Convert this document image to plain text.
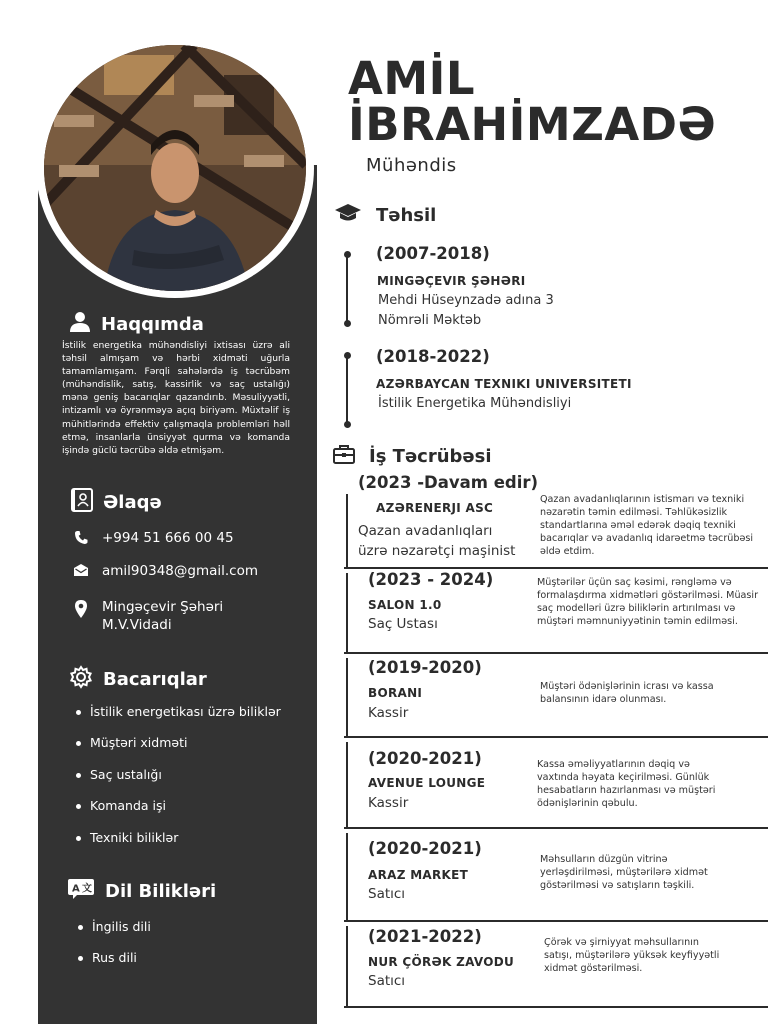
Haqqımda
İstilik energetika mühəndisliyi ixtisası üzrə ali təhsil almışam və hərbi xidməti uğurla tamamlamışam. Fərqli sahələrdə iş təcrübəm (mühəndislik, satış, kassirlik və saç ustalığı) mənə geniş bacarıqlar qazandırıb. Məsuliyyətli, intizamlı və öyrənməyə açıq biriyəm. Müxtəlif iş mühitlərində effektiv çalışmaqla problemləri həll etmə, insanlarla ünsiyyət qurma və komanda işində güclü təcrübə əldə etmişəm.
Əlaqə
+994 51 666 00 45
amil90348@gmail.com
Mingəçevir Şəhəri
M.V.Vidadi
Bacarıqlar
İstilik energetikası üzrə biliklər
Müştəri xidməti
Saç ustalığı
Komanda işi
Texniki biliklər
A 文 Dil Bilikləri
İngilis dili
Rus dili
AMİL
İBRAHİMZADƏ
Mühəndis
Təhsil
(2007-2018)
MINGƏÇEVIR ŞƏHƏRI
Mehdi Hüseynzadə adına 3
Nömrəli Məktəb
(2018-2022)
AZƏRBAYCAN TEXNIKI UNIVERSITETI
İstilik Energetika Mühəndisliyi
İş Təcrübəsi
(2023 -Davam edir)
AZƏRENERJI ASC
Qazan avadanlıqları
üzrə nəzarətçi maşinist
Qazan avadanlıqlarının istismarı və texniki nəzarətin təmin edilməsi. Təhlükəsizlik standartlarına əməl edərək dəqiq texniki bacarıqlar və avadanlıq idarəetmə təcrübəsi əldə etdim.
(2023 - 2024)
SALON 1.0
Saç Ustası
Müştərilər üçün saç kəsimi, rəngləmə və formalaşdırma xidmətləri göstərilməsi. Müasir saç modelləri üzrə biliklərin artırılması və müştəri məmnuniyyətinin təmin edilməsi.
(2019-2020)
BORANI
Kassir
Müştəri ödənişlərinin icrası və kassa balansının idarə olunması.
(2020-2021)
AVENUE LOUNGE
Kassir
Kassa əməliyyatlarının dəqiq və vaxtında həyata keçirilməsi. Günlük hesabatların hazırlanması və müştəri ödənişlərinin qəbulu.
(2020-2021)
ARAZ MARKET
Satıcı
Məhsulların düzgün vitrinə yerləşdirilməsi, müştərilərə xidmət göstərilməsi və satışların təşkili.
(2021-2022)
NUR ÇÖRƏK ZAVODU
Satıcı
Çörək və şirniyyat məhsullarının satışı, müştərilərə yüksək keyfiyyətli xidmət göstərilməsi.
